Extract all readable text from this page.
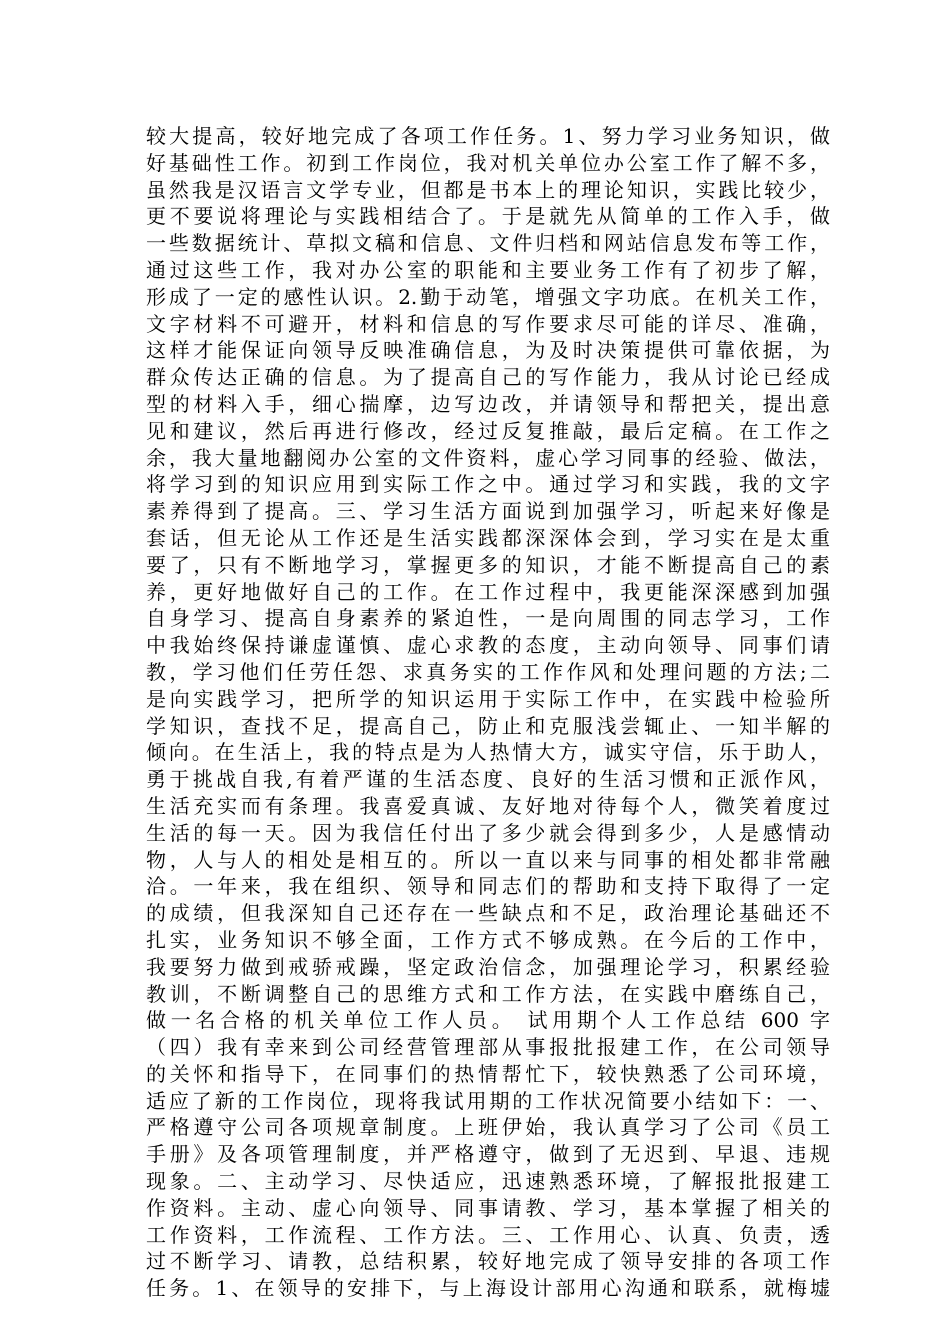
较大提高，较好地完成了各项工作任务。1、努力学习业务知识，做
好基础性工作。初到工作岗位，我对机关单位办公室工作了解不多，
虽然我是汉语言文学专业，但都是书本上的理论知识，实践比较少，
更不要说将理论与实践相结合了。于是就先从简单的工作入手，做
一些数据统计、草拟文稿和信息、文件归档和网站信息发布等工作，
通过这些工作，我对办公室的职能和主要业务工作有了初步了解，
形成了一定的感性认识。2.勤于动笔，增强文字功底。在机关工作，
文字材料不可避开，材料和信息的写作要求尽可能的详尽、准确，
这样才能保证向领导反映准确信息，为及时决策提供可靠依据，为
群众传达正确的信息。为了提高自己的写作能力，我从讨论已经成
型的材料入手，细心揣摩，边写边改，并请领导和帮把关，提出意
见和建议，然后再进行修改，经过反复推敲，最后定稿。在工作之
余，我大量地翻阅办公室的文件资料，虚心学习同事的经验、做法，
将学习到的知识应用到实际工作之中。通过学习和实践，我的文字
素养得到了提高。三、学习生活方面说到加强学习，听起来好像是
套话，但无论从工作还是生活实践都深深体会到，学习实在是太重
要了，只有不断地学习，掌握更多的知识，才能不断提高自己的素
养，更好地做好自己的工作。在工作过程中，我更能深深感到加强
自身学习、提高自身素养的紧迫性，一是向周围的同志学习，工作
中我始终保持谦虚谨慎、虚心求教的态度，主动向领导、同事们请
教，学习他们任劳任怨、求真务实的工作作风和处理问题的方法;二
是向实践学习，把所学的知识运用于实际工作中，在实践中检验所
学知识，查找不足，提高自己，防止和克服浅尝辄止、一知半解的
倾向。在生活上，我的特点是为人热情大方，诚实守信，乐于助人，
勇于挑战自我,有着严谨的生活态度、良好的生活习惯和正派作风，
生活充实而有条理。我喜爱真诚、友好地对待每个人，微笑着度过
生活的每一天。因为我信任付出了多少就会得到多少，人是感情动
物，人与人的相处是相互的。所以一直以来与同事的相处都非常融
洽。一年来，我在组织、领导和同志们的帮助和支持下取得了一定
的成绩，但我深知自己还存在一些缺点和不足，政治理论基础还不
扎实，业务知识不够全面，工作方式不够成熟。在今后的工作中，
我要努力做到戒骄戒躁，坚定政治信念，加强理论学习，积累经验
教训，不断调整自己的思维方式和工作方法，在实践中磨练自己，
做一名合格的机关单位工作人员。 试用期个人工作总结 600 字
（四）我有幸来到公司经营管理部从事报批报建工作，在公司领导
的关怀和指导下，在同事们的热情帮忙下，较快熟悉了公司环境，
适应了新的工作岗位，现将我试用期的工作状况简要小结如下：一、
严格遵守公司各项规章制度。上班伊始，我认真学习了公司《员工
手册》及各项管理制度，并严格遵守，做到了无迟到、早退、违规
现象。二、主动学习、尽快适应，迅速熟悉环境，了解报批报建工
作资料。主动、虚心向领导、同事请教、学习，基本掌握了相关的
工作资料，工作流程、工作方法。三、工作用心、认真、负责，透
过不断学习、请教，总结积累，较好地完成了领导安排的各项工作
任务。1、在领导的安排下，与上海设计部用心沟通和联系，就梅墟
